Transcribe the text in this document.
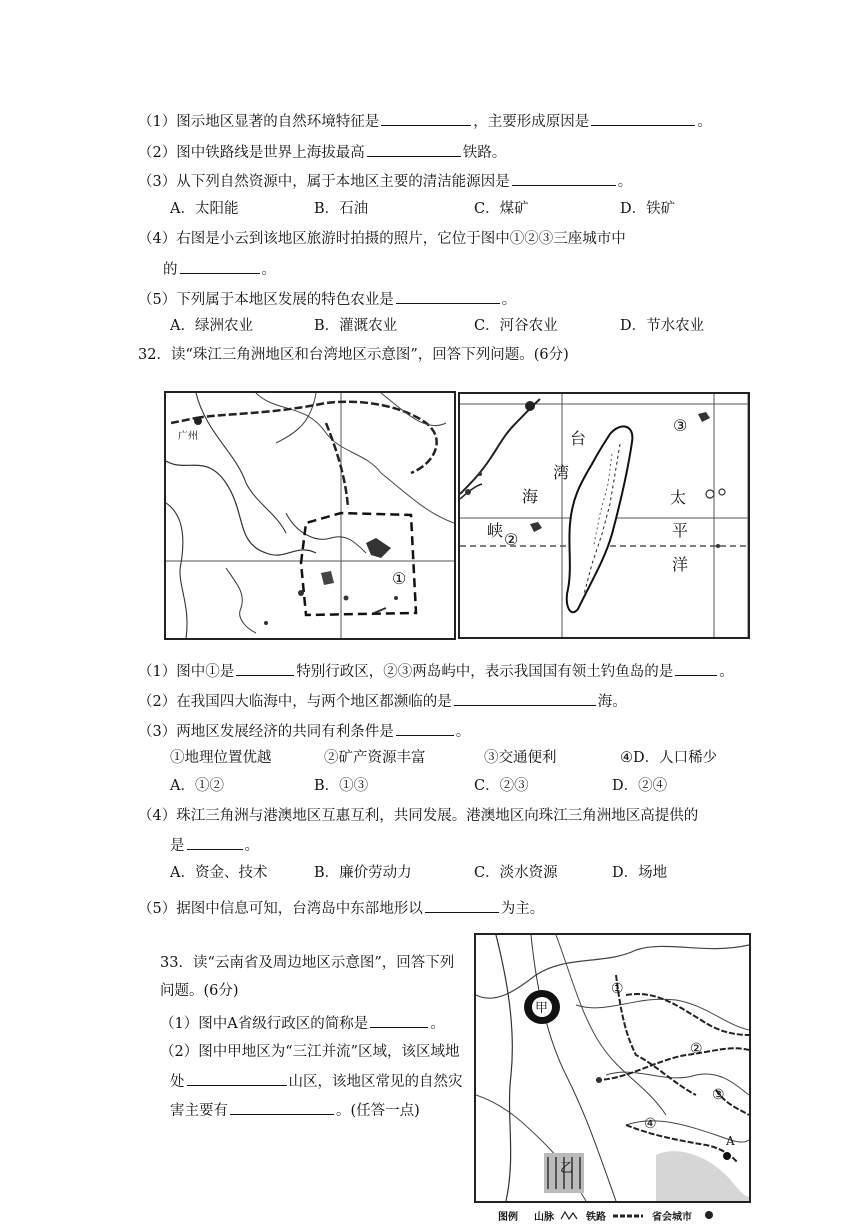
（1）图示地区显著的自然环境特征是	，主要形成原因是	。
（2）图中铁路线是世界上海拔最高	铁路。
（3）从下列自然资源中，属于本地区主要的清洁能源因是	。
A．太阳能	B．石油	C．煤矿	D．铁矿
（4）右图是小云到该地区旅游时拍摄的照片，它位于图中①②③三座城市中
的	。
（5）下列属于本地区发展的特色农业是	。
A．绿洲农业	B．灌溉农业	C．河谷农业	D．节水农业
32．读“珠江三角洲地区和台湾地区示意图”，回答下列问题。(6分)
广州
①
台
湾
海
峡
太
平
洋
②
③
（1）图中①是	特别行政区，②③两岛屿中，表示我国国有领土钓鱼岛的是	。
（2）在我国四大临海中，与两个地区都濒临的是	海。
（3）两地区发展经济的共同有利条件是	。
①地理位置优越	②矿产资源丰富	③交通便利	④D．人口稀少
A．①②	B．①③	C．②③	D．②④
（4）珠江三角洲与港澳地区互惠互利，共同发展。港澳地区向珠江三角洲地区高提供的
是	。
A．资金、技术	B．廉价劳动力	C．淡水资源	D．场地
（5）据图中信息可知，台湾岛中东部地形以	为主。
33．读“云南省及周边地区示意图”，回答下列
问题。(6分)
（1）图中A省级行政区的简称是	。
（2）图中甲地区为“三江并流”区域，该区域地
处	山区，该地区常见的自然灾
害主要有	。(任答一点)
甲
乙
A
①
②
③
④
图例 山脉	铁路	省会城市
